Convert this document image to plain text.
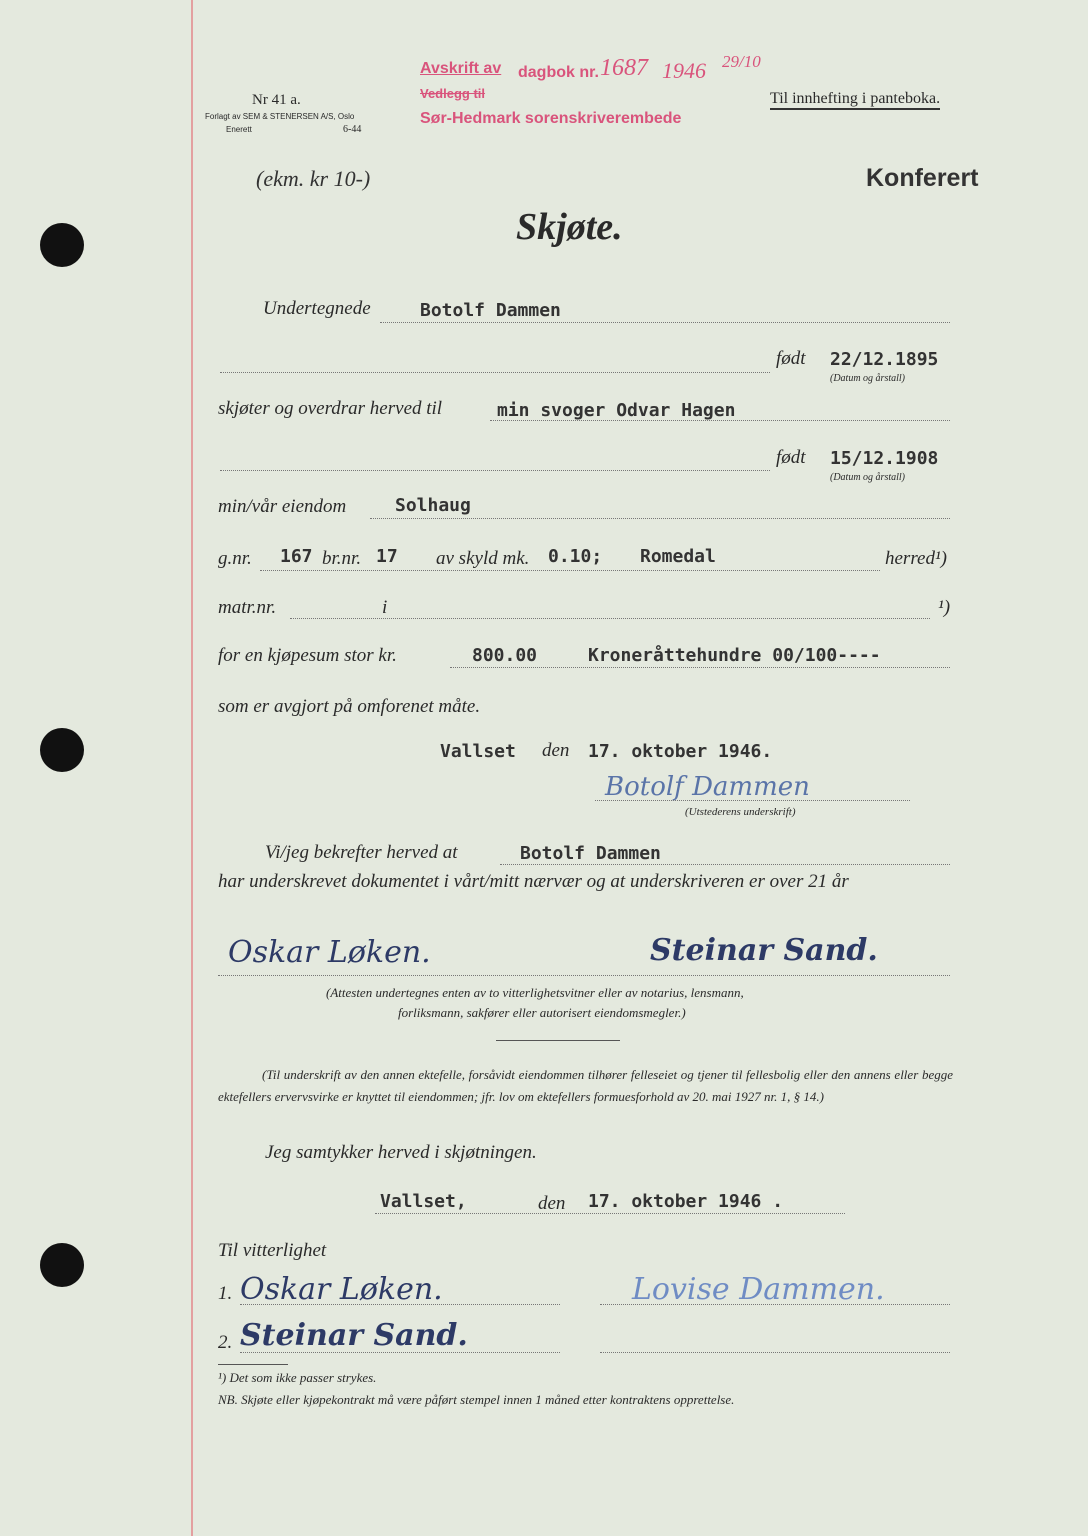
Nr 41 a.
Forlagt av SEM & STENERSEN A/S, Oslo
Enerett	6-44
Avskrift av dagbok nr. 1687 1946 29/10
Vedlegg til
Sør-Hedmark sorenskriverembede
Til innhefting i panteboka.
Konferert
(ekm. kr 10-)
Skjøte.
Undertegnede	Botolf Dammen
født 22/12.1895
(Datum og årstall)
skjøter og overdrar herved til	min svoger Odvar Hagen
født 15/12.1908
(Datum og årstall)
min/vår eiendom	Solhaug
g.nr. 167 br.nr. 17 av skyld mk. 0.10; Romedal	herred¹)
matr.nr.	i	¹)
for en kjøpesum stor kr.	800.00	Kroneråttehundre 00/100----
som er avgjort på omforenet måte.
Vallset den 17. oktober 1946.
Botolf Dammen
(Utstederens underskrift)
Vi/jeg bekrefter herved at	Botolf Dammen
har underskrevet dokumentet i vårt/mitt nærvær og at underskriveren er over 21 år
Oskar Løken.	Steinar Sand.
(Attesten undertegnes enten av to vitterlighetsvitner eller av notarius, lensmann,
forliksmann, sakfører eller autorisert eiendomsmegler.)
(Til underskrift av den annen ektefelle, forsåvidt eiendommen tilhører felleseiet og tjener til fellesbolig eller den annens eller begge ektefellers ervervsvirke er knyttet til eiendommen; jfr. lov om ektefellers formuesforhold av 20. mai 1927 nr. 1, § 14.)
Jeg samtykker herved i skjøtningen.
Vallset,	den 17. oktober 1946 .
Til vitterlighet
1. Oskar Løken.	Lovise Dammen.
2. Steinar Sand.
¹) Det som ikke passer strykes.
NB. Skjøte eller kjøpekontrakt må være påført stempel innen 1 måned etter kontraktens opprettelse.
